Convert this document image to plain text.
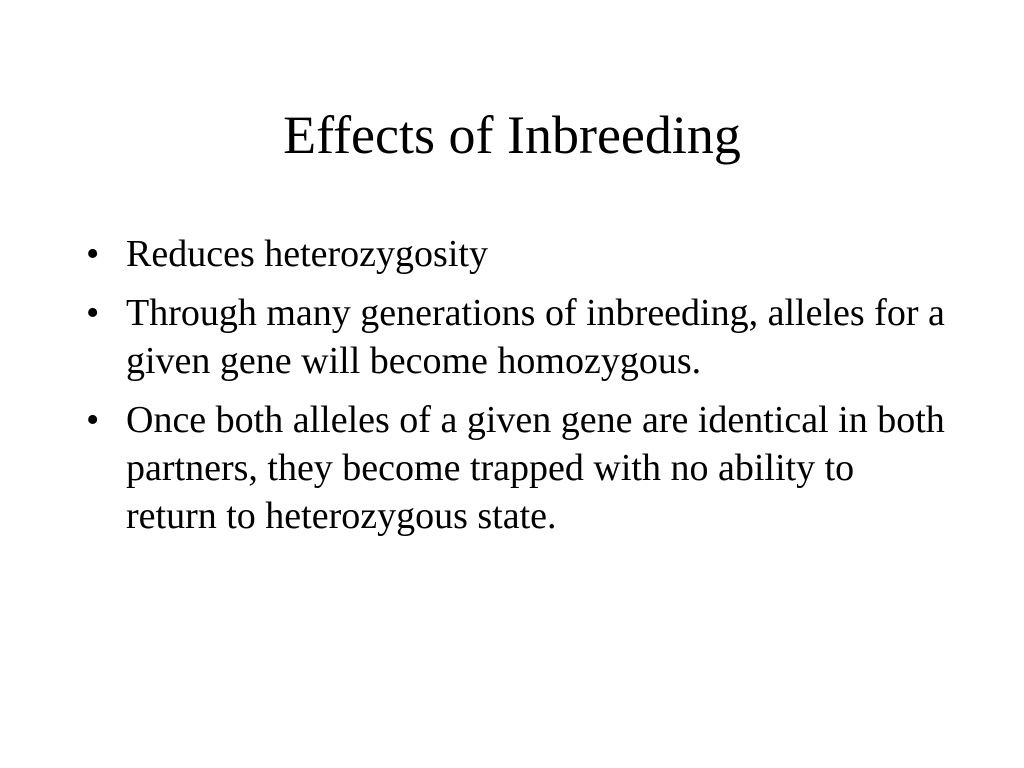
Effects of Inbreeding
• Reduces heterozygosity
• Through many generations of inbreeding, alleles for a given gene will become homozygous.
• Once both alleles of a given gene are identical in both partners, they become trapped with no ability to return to heterozygous state.
